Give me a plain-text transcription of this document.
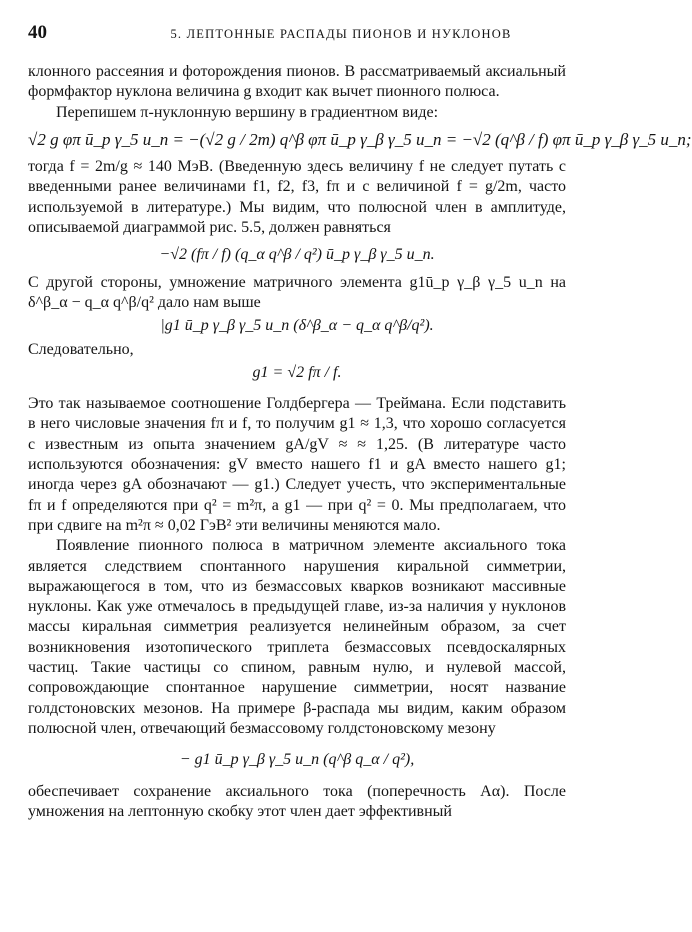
40	5. ЛЕПТОННЫЕ РАСПАДЫ ПИОНОВ И НУКЛОНОВ

клонного рассеяния и фоторождения пионов. В рассматриваемый аксиальный формфактор нуклона величина g входит как вычет пионного полюса.

Перепишем π-нуклонную вершину в градиентном виде:

√2 g φπ ū_p γ_5 u_n = −(√2 g / 2m) q^β φπ ū_p γ_β γ_5 u_n = −√2 (q^β / f) φπ ū_p γ_β γ_5 u_n;

тогда f = 2m/g ≈ 140 МэВ. (Введенную здесь величину f не следует путать с введенными ранее величинами f1, f2, f3, fπ и с величиной f = g/2m, часто используемой в литературе.) Мы видим, что полюсной член в амплитуде, описываемой диаграммой рис. 5.5, должен равняться

−√2 (fπ / f) (q_α q^β / q²) ū_p γ_β γ_5 u_n.

С другой стороны, умножение матричного элемента g1ū_p γ_β γ_5 u_n на δ^β_α − q_α q^β/q² дало нам выше

|g1 ū_p γ_β γ_5 u_n (δ^β_α − q_α q^β/q²).

Следовательно,

g1 = √2 fπ / f.

Это так называемое соотношение Голдбергера — Треймана. Если подставить в него числовые значения fπ и f, то получим g1 ≈ 1,3, что хорошо согласуется с известным из опыта значением gA/gV ≈ ≈ 1,25. (В литературе часто используются обозначения: gV вместо нашего f1 и gA вместо нашего g1; иногда через gA обозначают — g1.) Следует учесть, что экспериментальные fπ и f определяются при q² = m²π, а g1 — при q² = 0. Мы предполагаем, что при сдвиге на m²π ≈ 0,02 ГэВ² эти величины меняются мало.

Появление пионного полюса в матричном элементе аксиального тока является следствием спонтанного нарушения киральной симметрии, выражающегося в том, что из безмассовых кварков возникают массивные нуклоны. Как уже отмечалось в предыдущей главе, из-за наличия у нуклонов массы киральная симметрия реализуется нелинейным образом, за счет возникновения изотопического триплета безмассовых псевдоскалярных частиц. Такие частицы со спином, равным нулю, и нулевой массой, сопровождающие спонтанное нарушение симметрии, носят название голдстоновских мезонов. На примере β-распада мы видим, каким образом полюсной член, отвечающий безмассовому голдстоновскому мезону

− g1 ū_p γ_β γ_5 u_n (q^β q_α / q²),

обеспечивает сохранение аксиального тока (поперечность Aα). После умножения на лептонную скобку этот член дает эффективный
